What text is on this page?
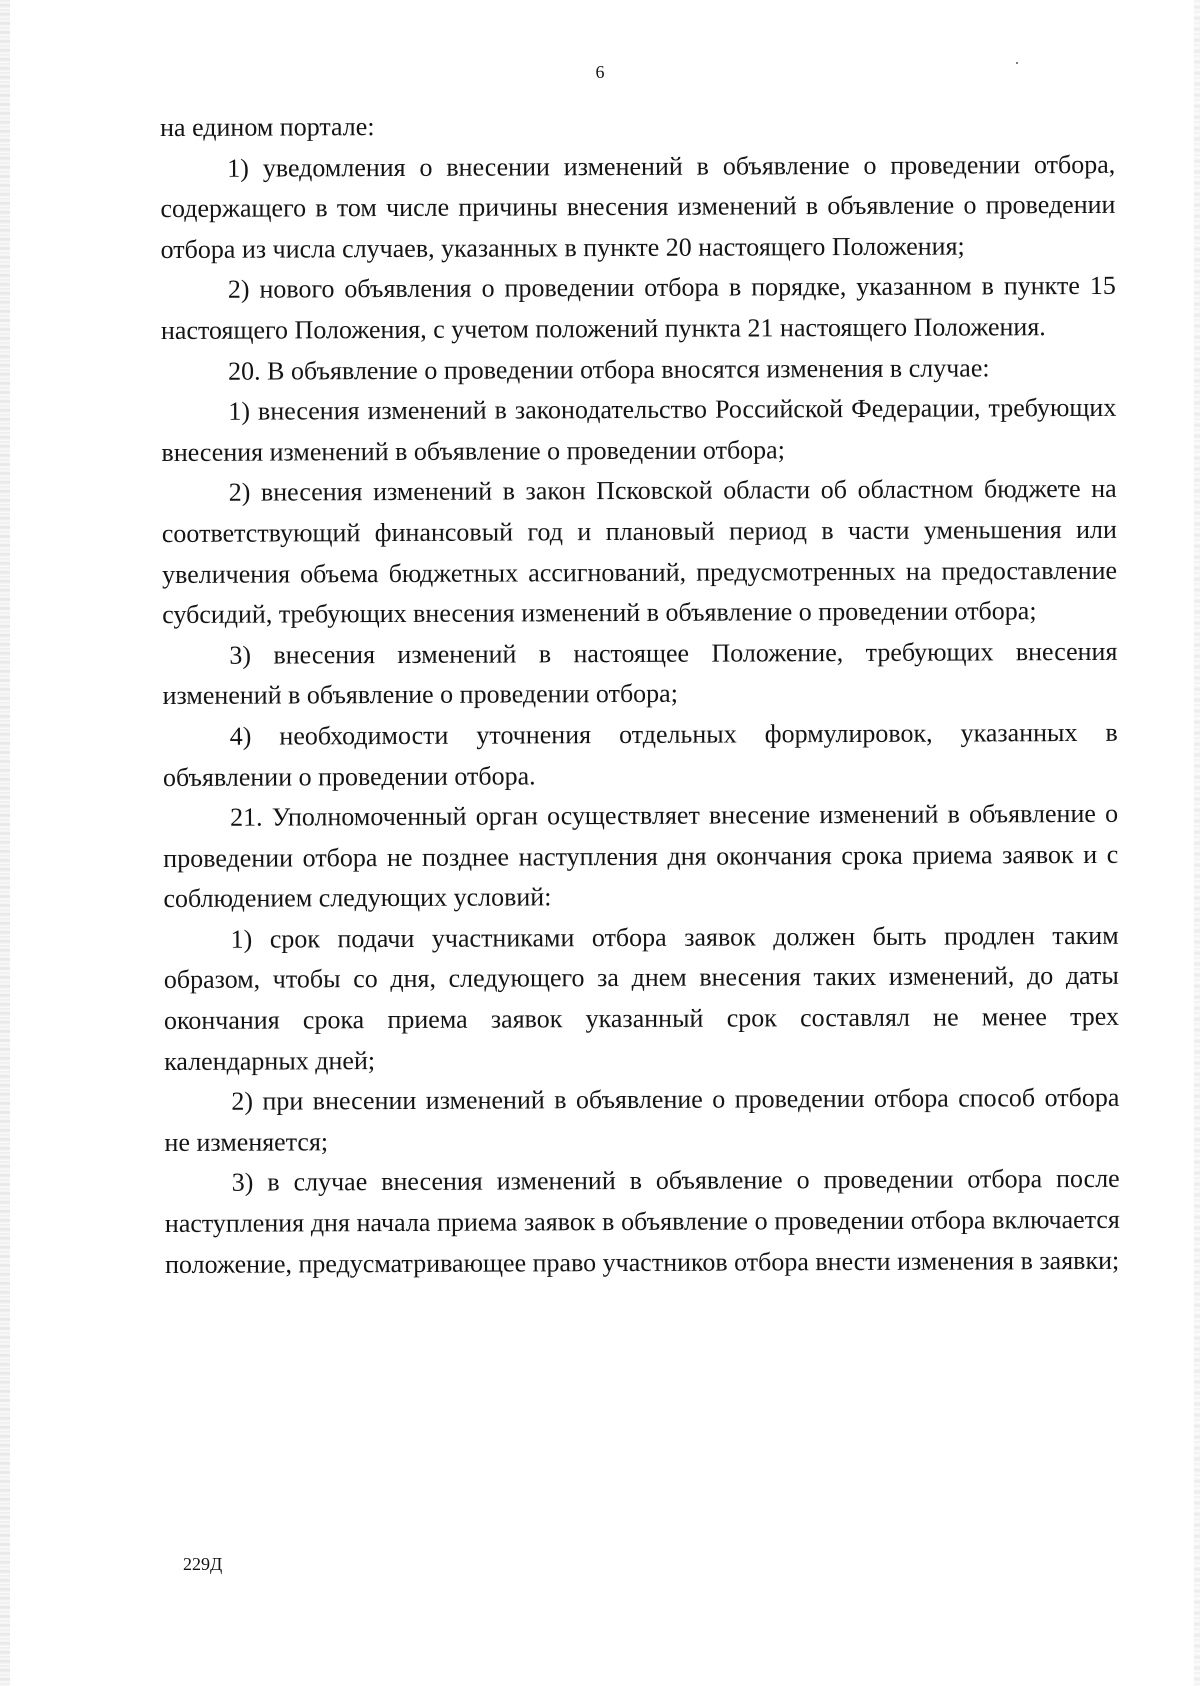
6

на едином портале:

1) уведомления о внесении изменений в объявление о проведении отбора, содержащего в том числе причины внесения изменений в объявление о проведении отбора из числа случаев, указанных в пункте 20 настоящего Положения;

2) нового объявления о проведении отбора в порядке, указанном в пункте 15 настоящего Положения, с учетом положений пункта 21 настоящего Положения.

20. В объявление о проведении отбора вносятся изменения в случае:

1) внесения изменений в законодательство Российской Федерации, требующих внесения изменений в объявление о проведении отбора;

2) внесения изменений в закон Псковской области об областном бюджете на соответствующий финансовый год и плановый период в части уменьшения или увеличения объема бюджетных ассигнований, предусмотренных на предоставление субсидий, требующих внесения изменений в объявление о проведении отбора;

3) внесения изменений в настоящее Положение, требующих внесения изменений в объявление о проведении отбора;

4) необходимости уточнения отдельных формулировок, указанных в объявлении о проведении отбора.

21. Уполномоченный орган осуществляет внесение изменений в объявление о проведении отбора не позднее наступления дня окончания срока приема заявок и с соблюдением следующих условий:

1) срок подачи участниками отбора заявок должен быть продлен таким образом, чтобы со дня, следующего за днем внесения таких изменений, до даты окончания срока приема заявок указанный срок составлял не менее трех календарных дней;

2) при внесении изменений в объявление о проведении отбора способ отбора не изменяется;

3) в случае внесения изменений в объявление о проведении отбора после наступления дня начала приема заявок в объявление о проведении отбора включается положение, предусматривающее право участников отбора внести изменения в заявки;

229Д
